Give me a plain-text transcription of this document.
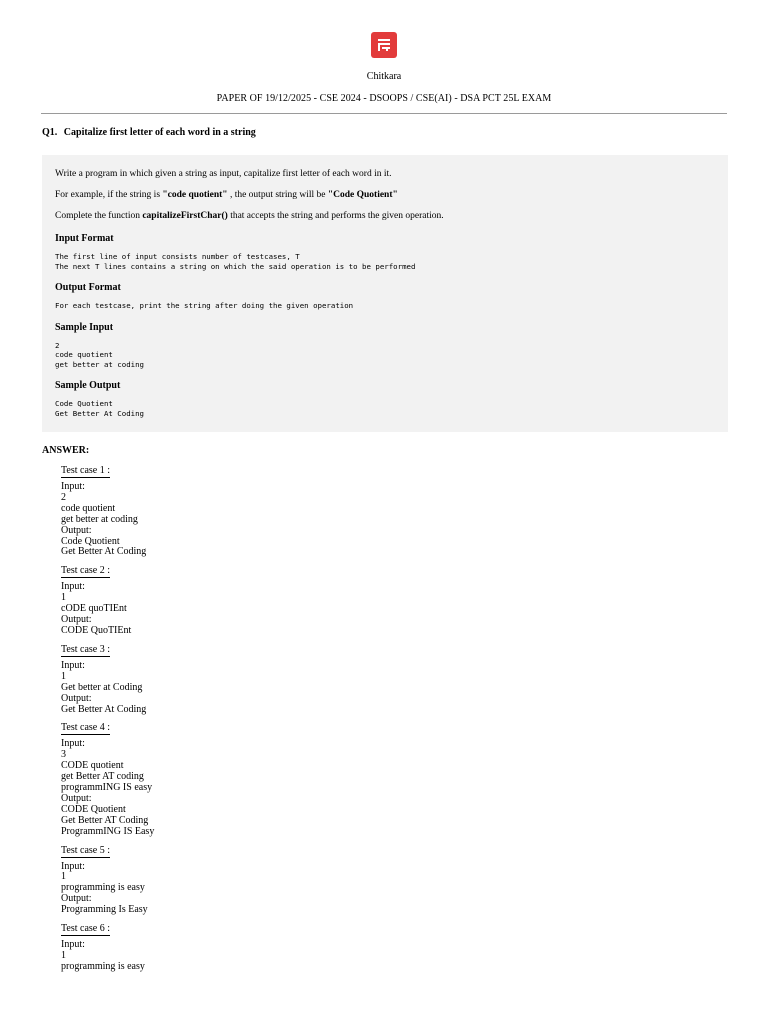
Chitkara
PAPER OF 19/12/2025 - CSE 2024 - DSOOPS / CSE(AI) - DSA PCT 25L EXAM
Q1. Capitalize first letter of each word in a string

Write a program in which given a string as input, capitalize first letter of each word in it.

For example, if the string is "code quotient" , the output string will be "Code Quotient"

Complete the function capitalizeFirstChar() that accepts the string and performs the given operation.

Input Format
The first line of input consists number of testcases, T
The next T lines contains a string on which the said operation is to be performed
Output Format
For each testcase, print the string after doing the given operation
Sample Input
2
code quotient
get better at coding
Sample Output
Code Quotient
Get Better At Coding
ANSWER:
Test case 1 :
Input:
2
code quotient
get better at coding
Output:
Code Quotient
Get Better At Coding
Test case 2 :
Input:
1
cODE quoTIEnt
Output:
CODE QuoTIEnt
Test case 3 :
Input:
1
Get better at Coding
Output:
Get Better At Coding
Test case 4 :
Input:
3
CODE quotient
get Better AT coding
programmING IS easy
Output:
CODE Quotient
Get Better AT Coding
ProgrammING IS Easy
Test case 5 :
Input:
1
programming is easy
Output:
Programming Is Easy
Test case 6 :
Input:
1
programming is easy
